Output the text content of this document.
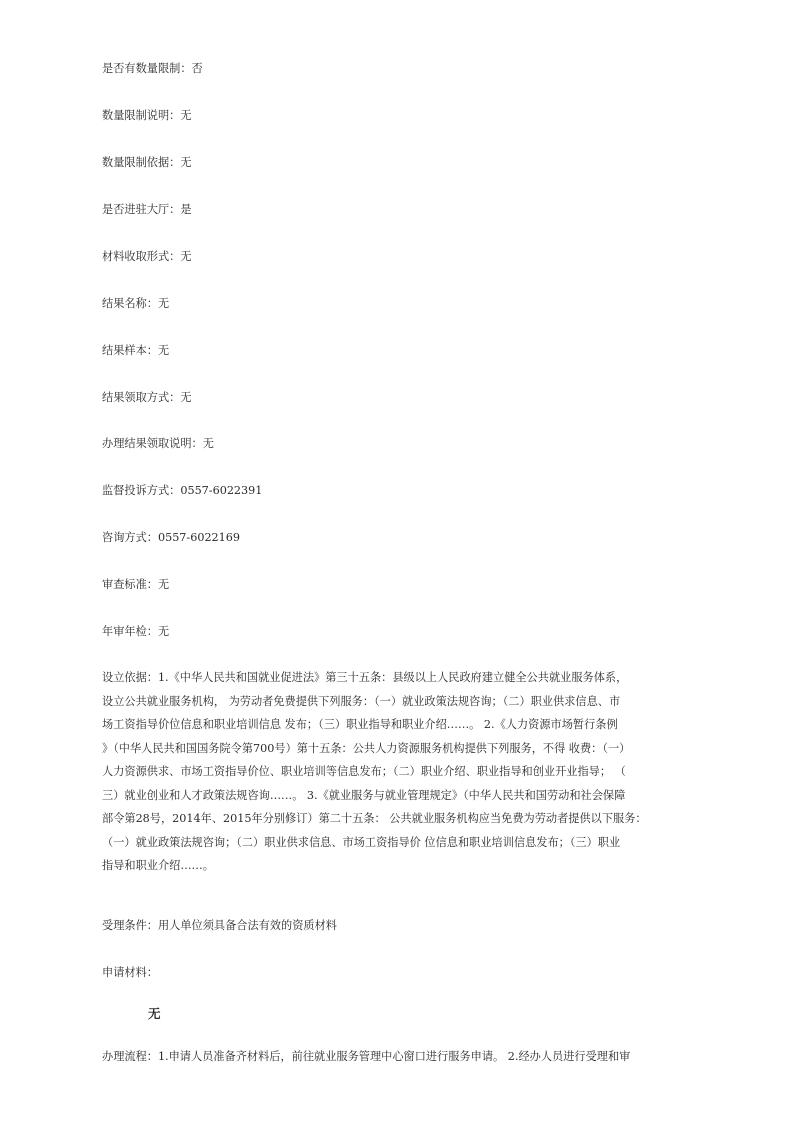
是否有数量限制：否
数量限制说明：无
数量限制依据：无
是否进驻大厅：是
材料收取形式：无
结果名称：无
结果样本：无
结果领取方式：无
办理结果领取说明：无
监督投诉方式：0557-6022391
咨询方式：0557-6022169
审查标准：无
年审年检：无
设立依据：1.《中华人民共和国就业促进法》第三十五条：县级以上人民政府建立健全公共就业服务体系，
设立公共就业服务机构， 为劳动者免费提供下列服务：（一）就业政策法规咨询；（二）职业供求信息、市
场工资指导价位信息和职业培训信息 发布；（三）职业指导和职业介绍……。 2.《人力资源市场暂行条例
》（中华人民共和国国务院令第700号）第十五条：公共人力资源服务机构提供下列服务，不得 收费：（一）
人力资源供求、市场工资指导价位、职业培训等信息发布；（二）职业介绍、职业指导和创业开业指导； （
三）就业创业和人才政策法规咨询……。 3.《就业服务与就业管理规定》（中华人民共和国劳动和社会保障
部令第28号，2014年、2015年分别修订）第二十五条： 公共就业服务机构应当免费为劳动者提供以下服务：
（一）就业政策法规咨询；（二）职业供求信息、市场工资指导价 位信息和职业培训信息发布；（三）职业
指导和职业介绍……。
受理条件：用人单位须具备合法有效的资质材料
申请材料：
无
办理流程：1.申请人员准备齐材料后，前往就业服务管理中心窗口进行服务申请。 2.经办人员进行受理和审
